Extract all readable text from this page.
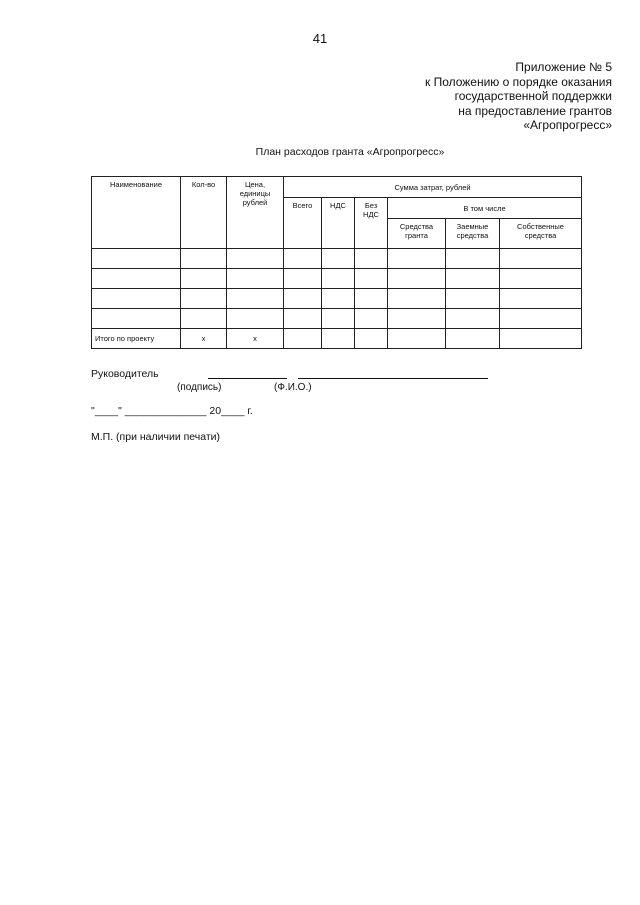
41
Приложение № 5
к Положению о порядке оказания
государственной поддержки
на предоставление грантов
«Агропрогресс»
План расходов гранта «Агропрогресс»
Наименование	Кол-во	Цена, единицы рублей	Сумма затрат, рублей					
			Всего	НДС	Без НДС	В том числе		
						Средства гранта	Заемные средства	Собственные средства

Итого по проекту	х	х						
Руководитель
(подпись)	(Ф.И.О.)
"____" ______________ 20____ г.
М.П. (при наличии печати)
